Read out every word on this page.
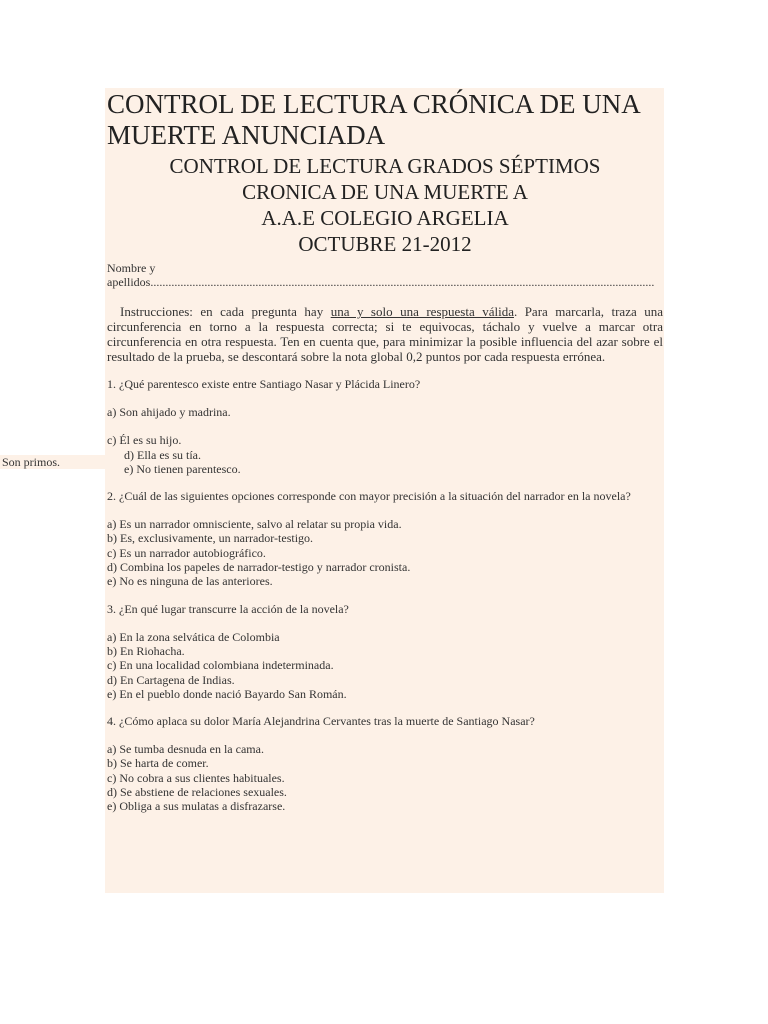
Son primos.
CONTROL DE LECTURA CRÓNICA DE UNA MUERTE ANUNCIADA

CONTROL DE LECTURA GRADOS SÉPTIMOS

CRONICA DE UNA MUERTE A

A.A.E COLEGIO ARGELIA

OCTUBRE 21-2012

Nombre y apellidos........................................................................................................................................................................

Instrucciones: en cada pregunta hay una y solo una respuesta válida. Para marcarla, traza una circunferencia en torno a la respuesta correcta; si te equivocas, táchalo y vuelve a marcar otra circunferencia en otra respuesta. Ten en cuenta que, para minimizar la posible influencia del azar sobre el resultado de la prueba, se descontará sobre la nota global 0,2 puntos por cada respuesta errónea.

1. ¿Qué parentesco existe entre Santiago Nasar y Plácida Linero?
a) Son ahijado y madrina.
c) Él es su hijo.
d) Ella es su tía.
e) No tienen parentesco.
2. ¿Cuál de las siguientes opciones corresponde con mayor precisión a la situación del narrador en la novela?
a) Es un narrador omnisciente, salvo al relatar su propia vida.
b) Es, exclusivamente, un narrador-testigo.
c) Es un narrador autobiográfico.
d) Combina los papeles de narrador-testigo y narrador cronista.
e) No es ninguna de las anteriores.
3. ¿En qué lugar transcurre la acción de la novela?
a) En la zona selvática de Colombia
b) En Riohacha.
c) En una localidad colombiana indeterminada.
d) En Cartagena de Indias.
e) En el pueblo donde nació Bayardo San Román.
4. ¿Cómo aplaca su dolor María Alejandrina Cervantes tras la muerte de Santiago Nasar?
a) Se tumba desnuda en la cama.
b) Se harta de comer.
c) No cobra a sus clientes habituales.
d) Se abstiene de relaciones sexuales.
e) Obliga a sus mulatas a disfrazarse.
